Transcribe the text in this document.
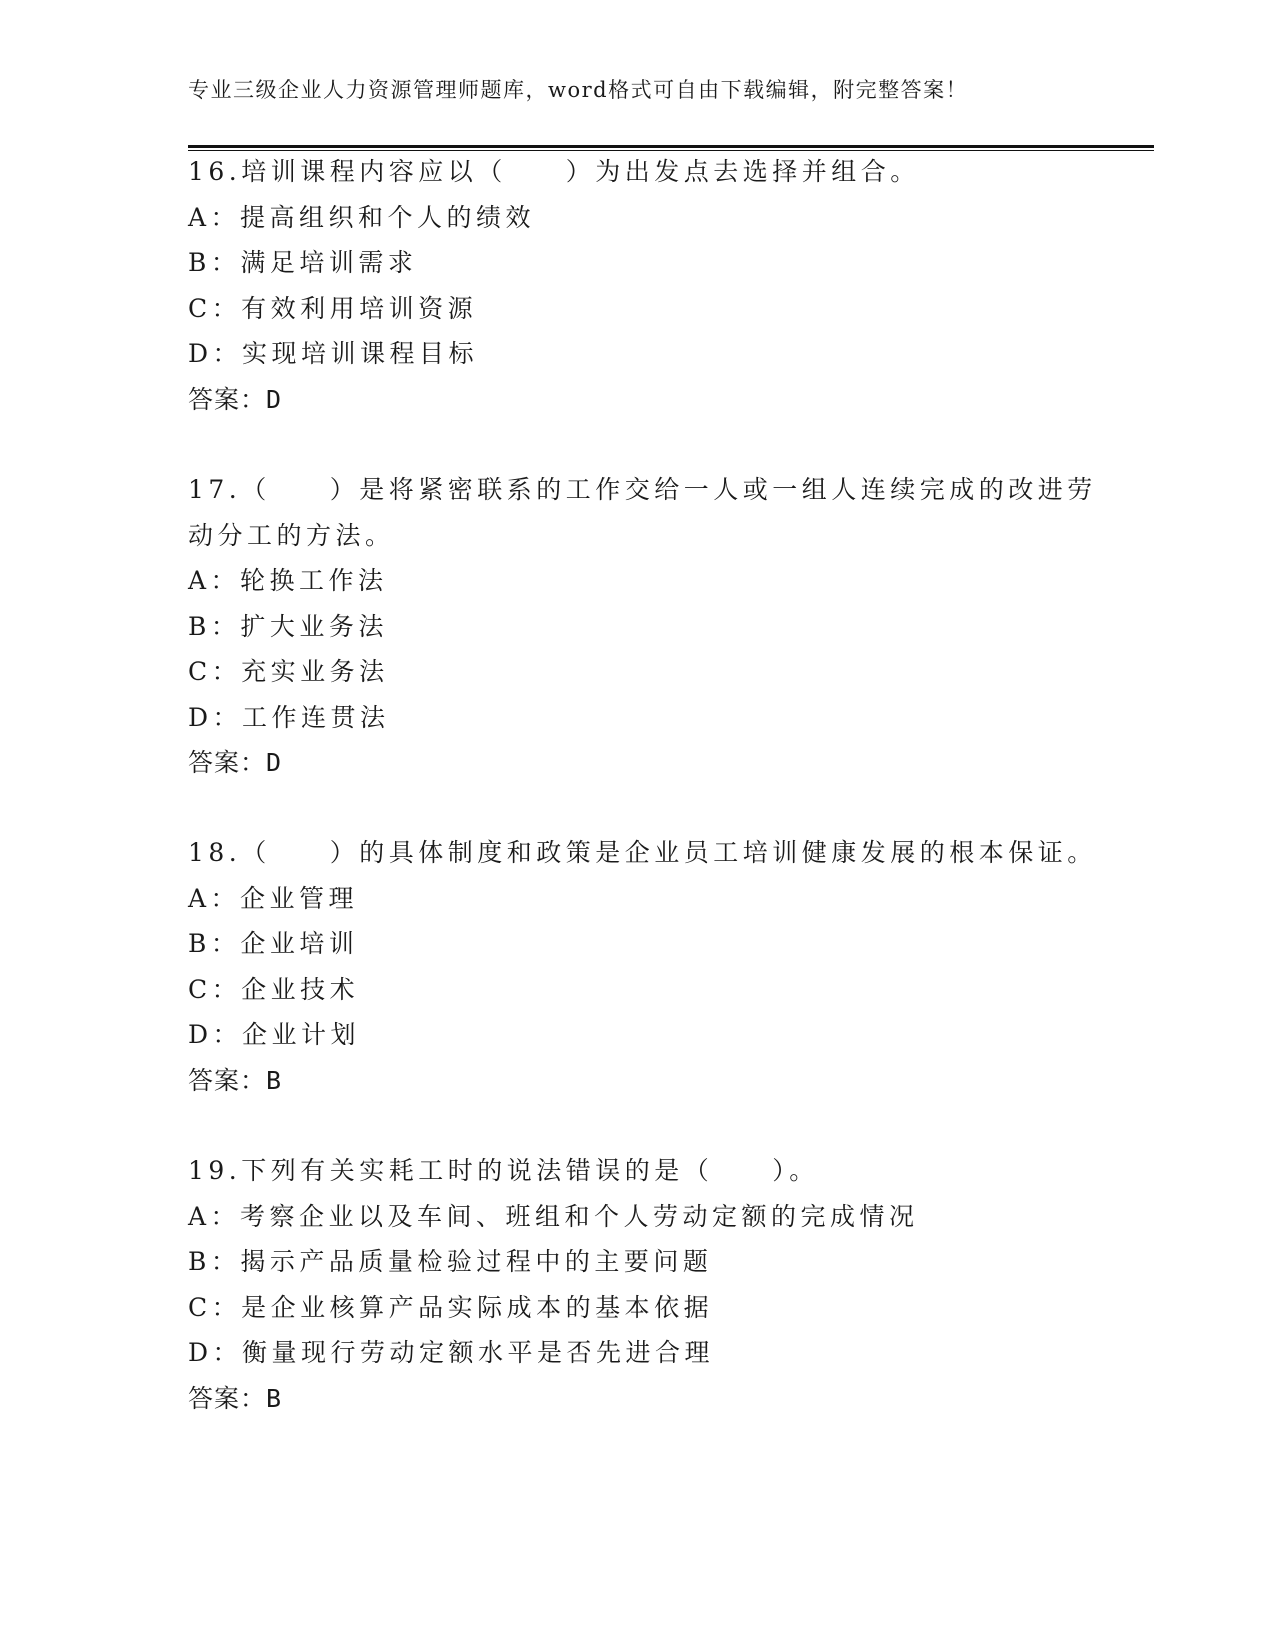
专业三级企业人力资源管理师题库，word格式可自由下载编辑，附完整答案！
16.培训课程内容应以（　　）为出发点去选择并组合。
A：提高组织和个人的绩效
B：满足培训需求
C：有效利用培训资源
D：实现培训课程目标
答案：D
17.（　　）是将紧密联系的工作交给一人或一组人连续完成的改进劳
动分工的方法。
A：轮换工作法
B：扩大业务法
C：充实业务法
D：工作连贯法
答案：D
18.（　　）的具体制度和政策是企业员工培训健康发展的根本保证。
A：企业管理
B：企业培训
C：企业技术
D：企业计划
答案：B
19.下列有关实耗工时的说法错误的是（　　）。
A：考察企业以及车间、班组和个人劳动定额的完成情况
B：揭示产品质量检验过程中的主要问题
C：是企业核算产品实际成本的基本依据
D：衡量现行劳动定额水平是否先进合理
答案：B
